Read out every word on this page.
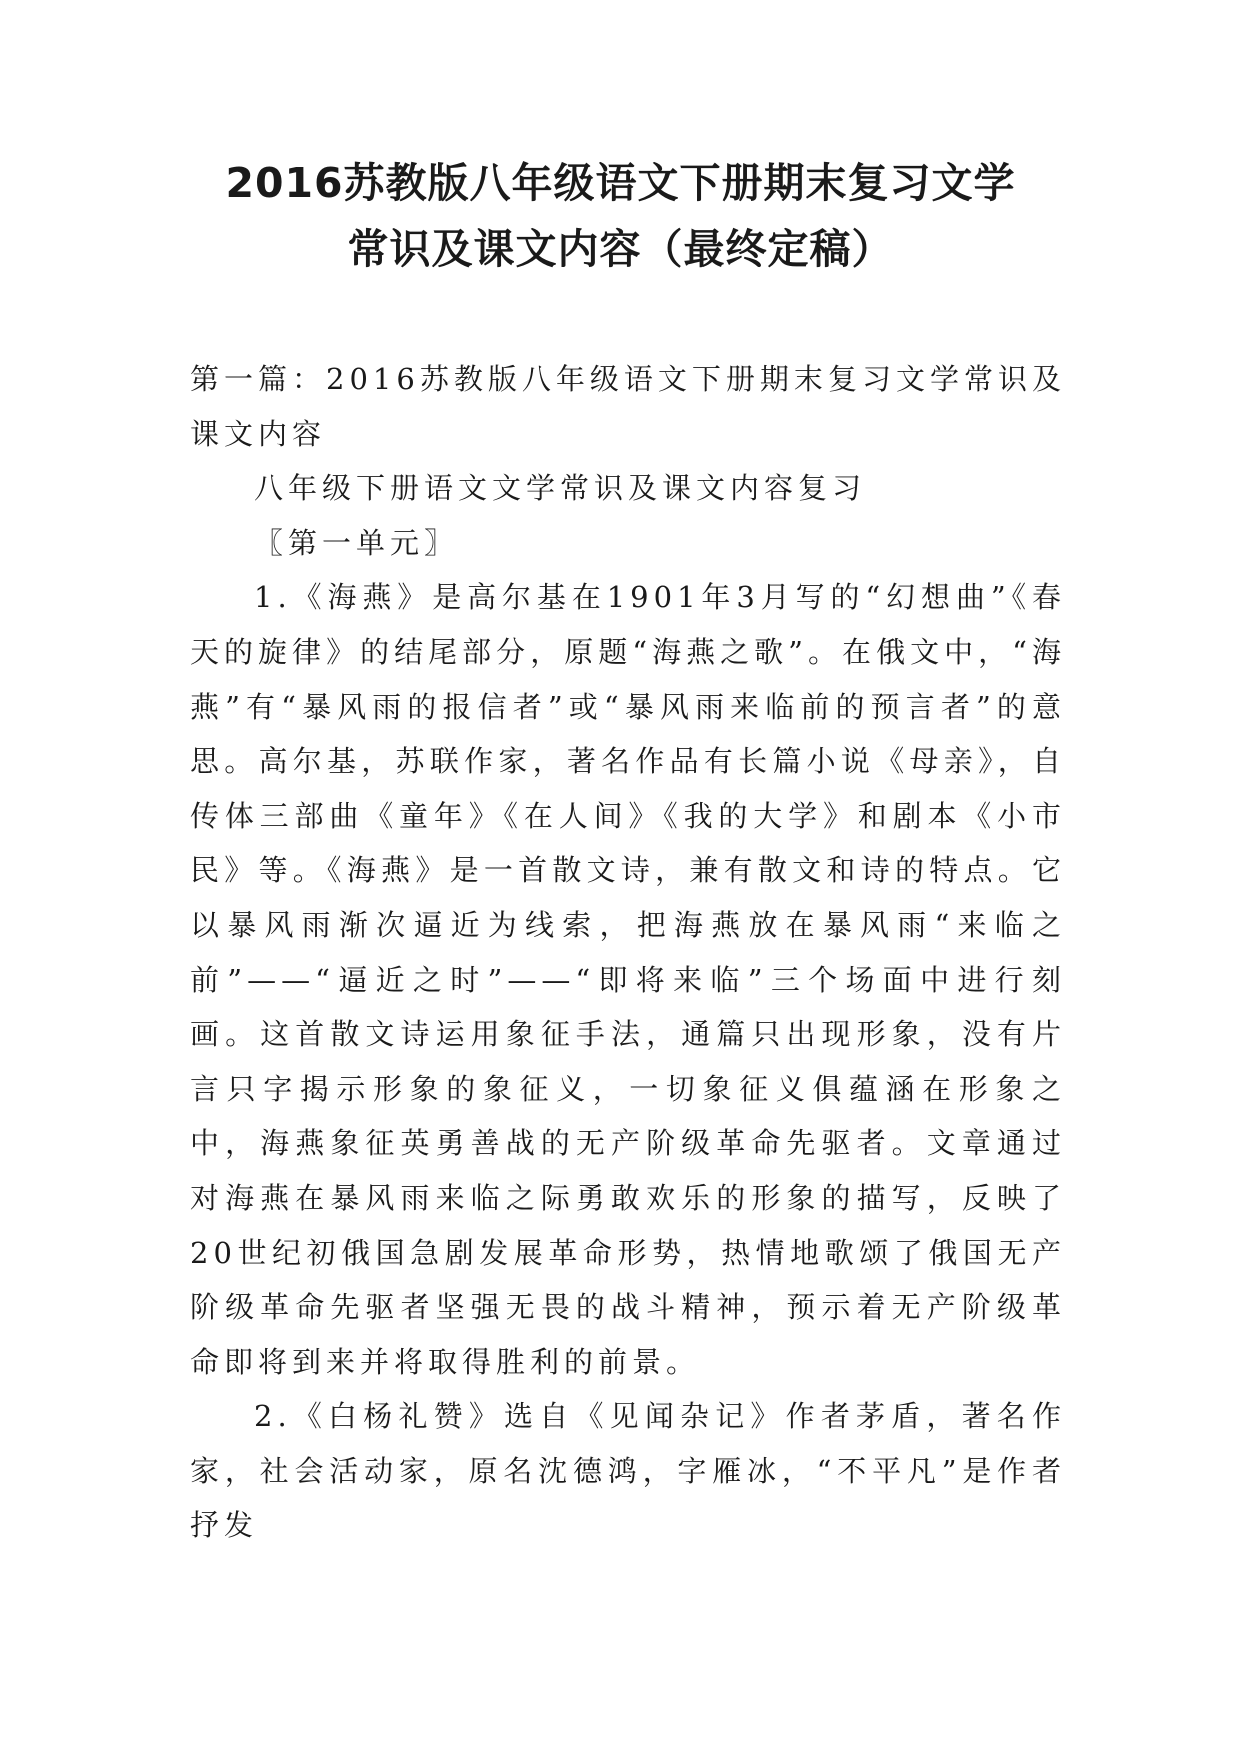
2016苏教版八年级语文下册期末复习文学
常识及课文内容（最终定稿）

第一篇：2016苏教版八年级语文下册期末复习文学常识及课文内容

八年级下册语文文学常识及课文内容复习

〖第一单元〗

1.《海燕》是高尔基在1901年3月写的“幻想曲”《春天的旋律》的结尾部分，原题“海燕之歌”。在俄文中，“海燕”有“暴风雨的报信者”或“暴风雨来临前的预言者”的意思。高尔基，苏联作家，著名作品有长篇小说《母亲》，自传体三部曲《童年》《在人间》《我的大学》和剧本《小市民》等。《海燕》是一首散文诗，兼有散文和诗的特点。它以暴风雨渐次逼近为线索，把海燕放在暴风雨“来临之前”——“逼近之时”——“即将来临”三个场面中进行刻画。这首散文诗运用象征手法，通篇只出现形象，没有片言只字揭示形象的象征义，一切象征义俱蕴涵在形象之中，海燕象征英勇善战的无产阶级革命先驱者。文章通过对海燕在暴风雨来临之际勇敢欢乐的形象的描写，反映了20世纪初俄国急剧发展革命形势，热情地歌颂了俄国无产阶级革命先驱者坚强无畏的战斗精神，预示着无产阶级革命即将到来并将取得胜利的前景。

2.《白杨礼赞》选自《见闻杂记》作者茅盾，著名作家，社会活动家，原名沈德鸿，字雁冰，“不平凡”是作者抒发
